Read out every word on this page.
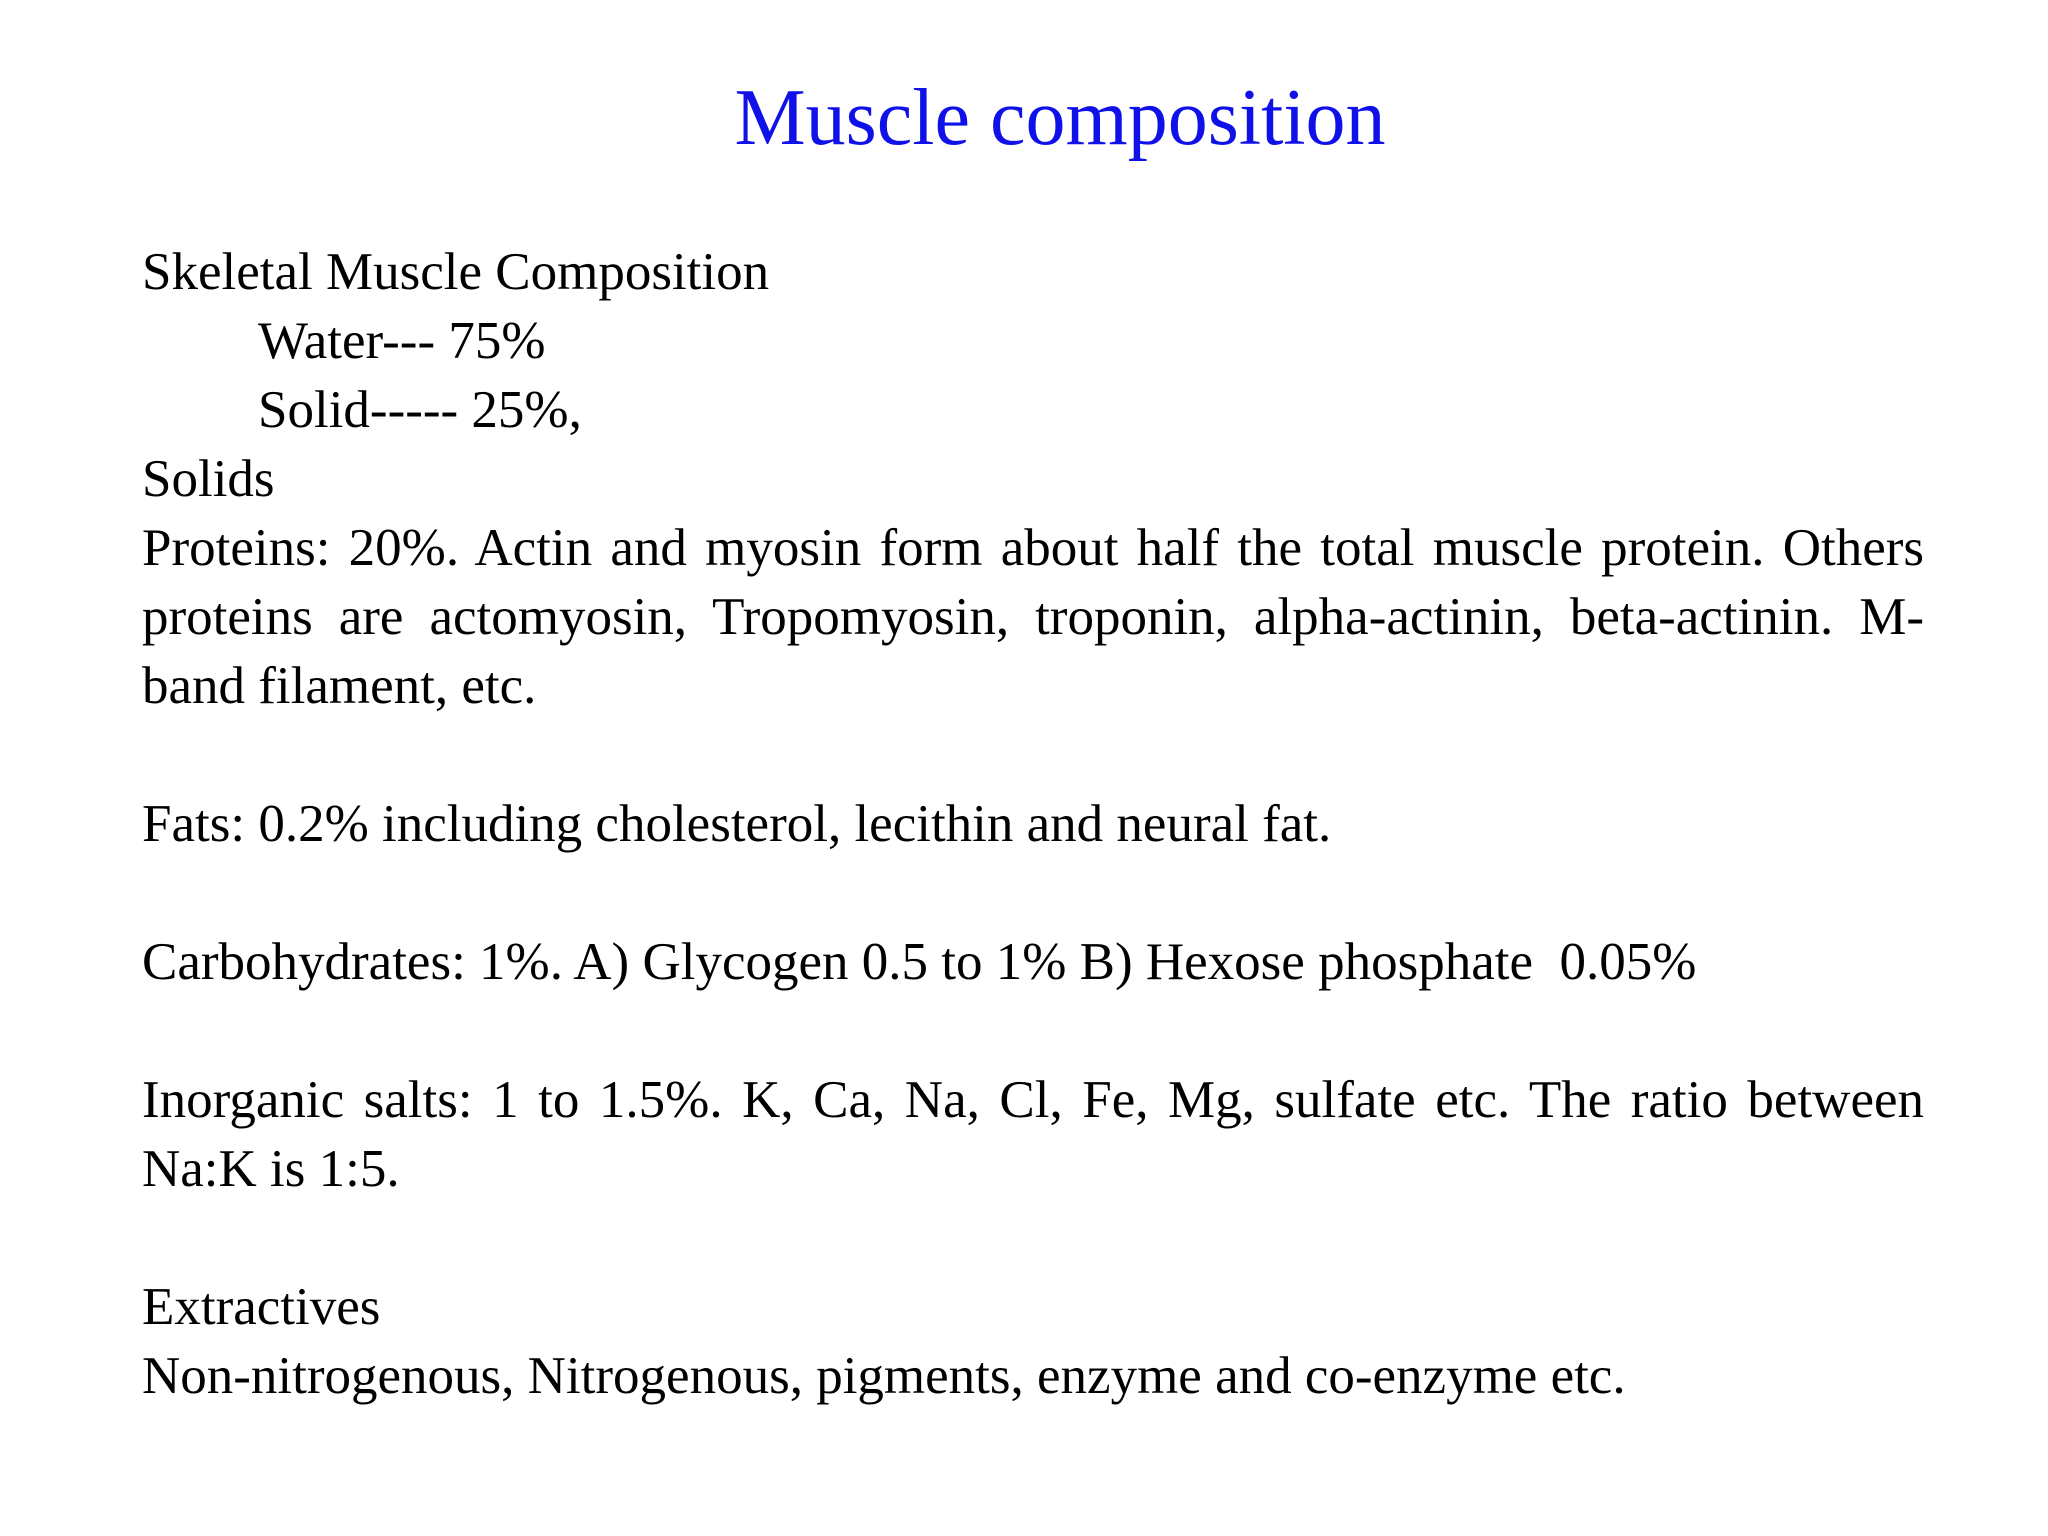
Muscle composition
Skeletal Muscle Composition
Water--- 75%
Solid----- 25%,
Solids
Proteins: 20%. Actin and myosin form about half the total muscle protein. Others proteins are actomyosin, Tropomyosin, troponin, alpha-actinin, beta-actinin. M-band filament, etc.
Fats: 0.2% including cholesterol, lecithin and neural fat.
Carbohydrates: 1%. A) Glycogen 0.5 to 1% B) Hexose phosphate  0.05%
Inorganic salts: 1 to 1.5%. K, Ca, Na, Cl, Fe, Mg, sulfate etc. The ratio between Na:K is 1:5.
Extractives
Non-nitrogenous, Nitrogenous, pigments, enzyme and co-enzyme etc.
